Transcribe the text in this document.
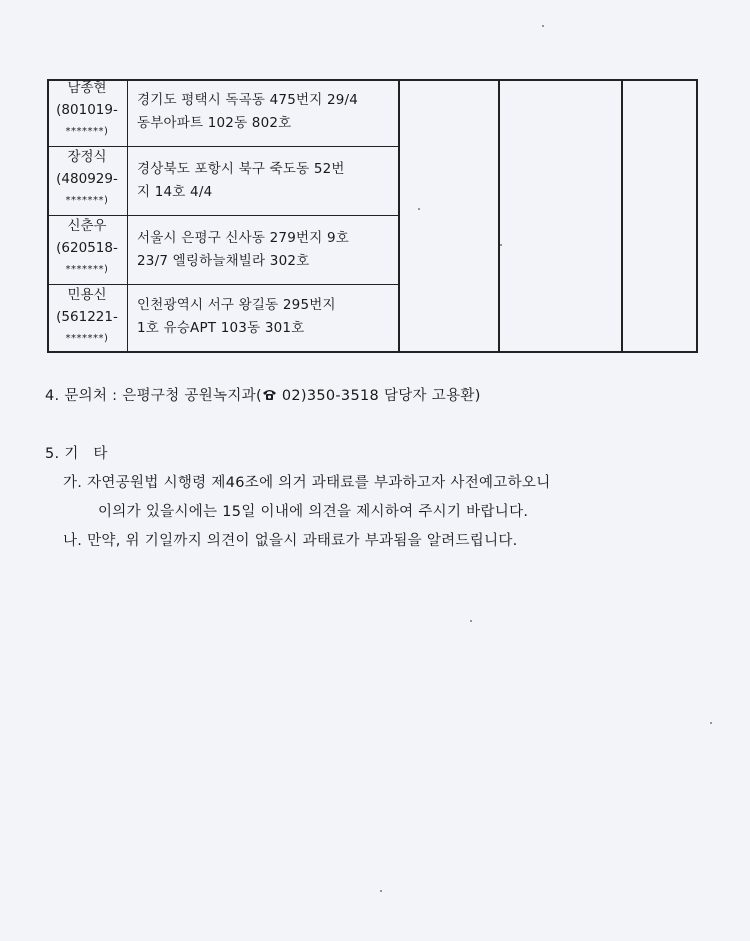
남종현
(801019-
*******)
경기도 평택시 독곡동 475번지 29/4
동부아파트 102동 802호
장정식
(480929-
*******)
경상북도 포항시 북구 죽도동 52번
지 14호 4/4
신춘우
(620518-
*******)
서울시 은평구 신사동 279번지 9호
23/7 엘링하늘채빌라 302호
민용신
(561221-
*******)
인천광역시 서구 왕길동 295번지
1호 유승APT 103동 301호
4. 문의처 : 은평구청 공원녹지과( 02)350-3518 담당자 고용환)
5. 기   타
가. 자연공원법 시행령 제46조에 의거 과태료를 부과하고자 사전예고하오니
이의가 있을시에는 15일 이내에 의견을 제시하여 주시기 바랍니다.
나. 만약, 위 기일까지 의견이 없을시 과태료가 부과됨을 알려드립니다.
